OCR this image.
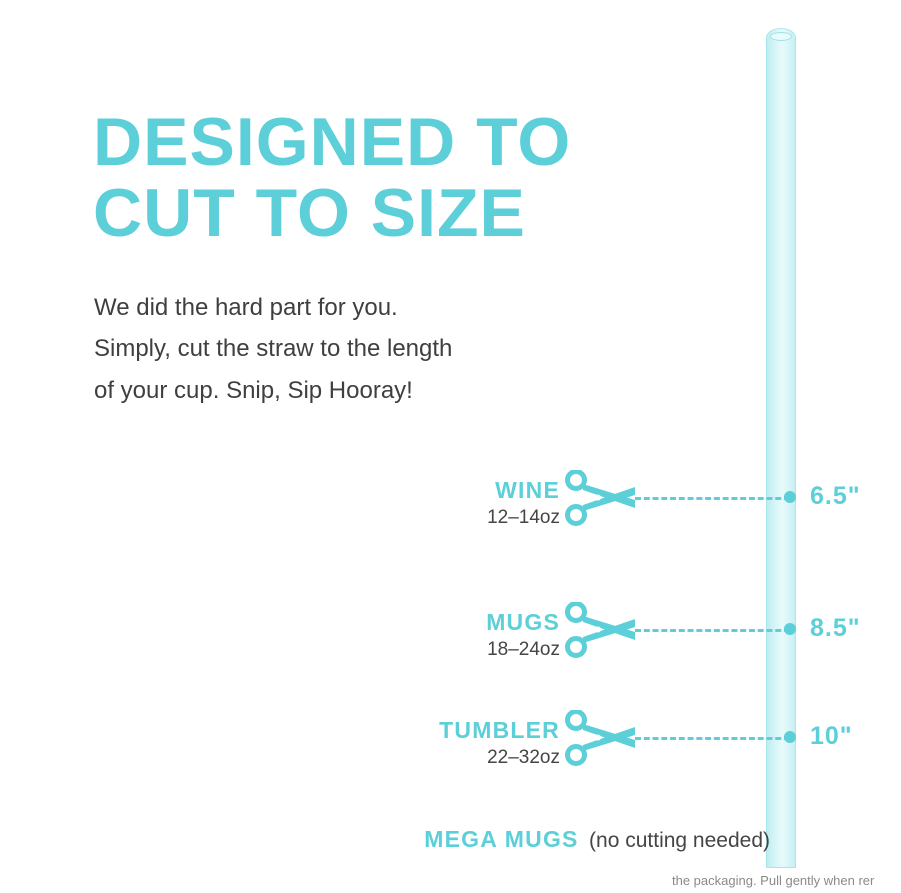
DESIGNED TO
CUT TO SIZE
We did the hard part for you.
Simply, cut the straw to the length
of your cup. Snip, Sip Hooray!
WINE
12–14oz
6.5"
MUGS
18–24oz
8.5"
TUMBLER
22–32oz
10"
MEGA MUGS (no cutting needed)
the packaging. Pull gently when rer
